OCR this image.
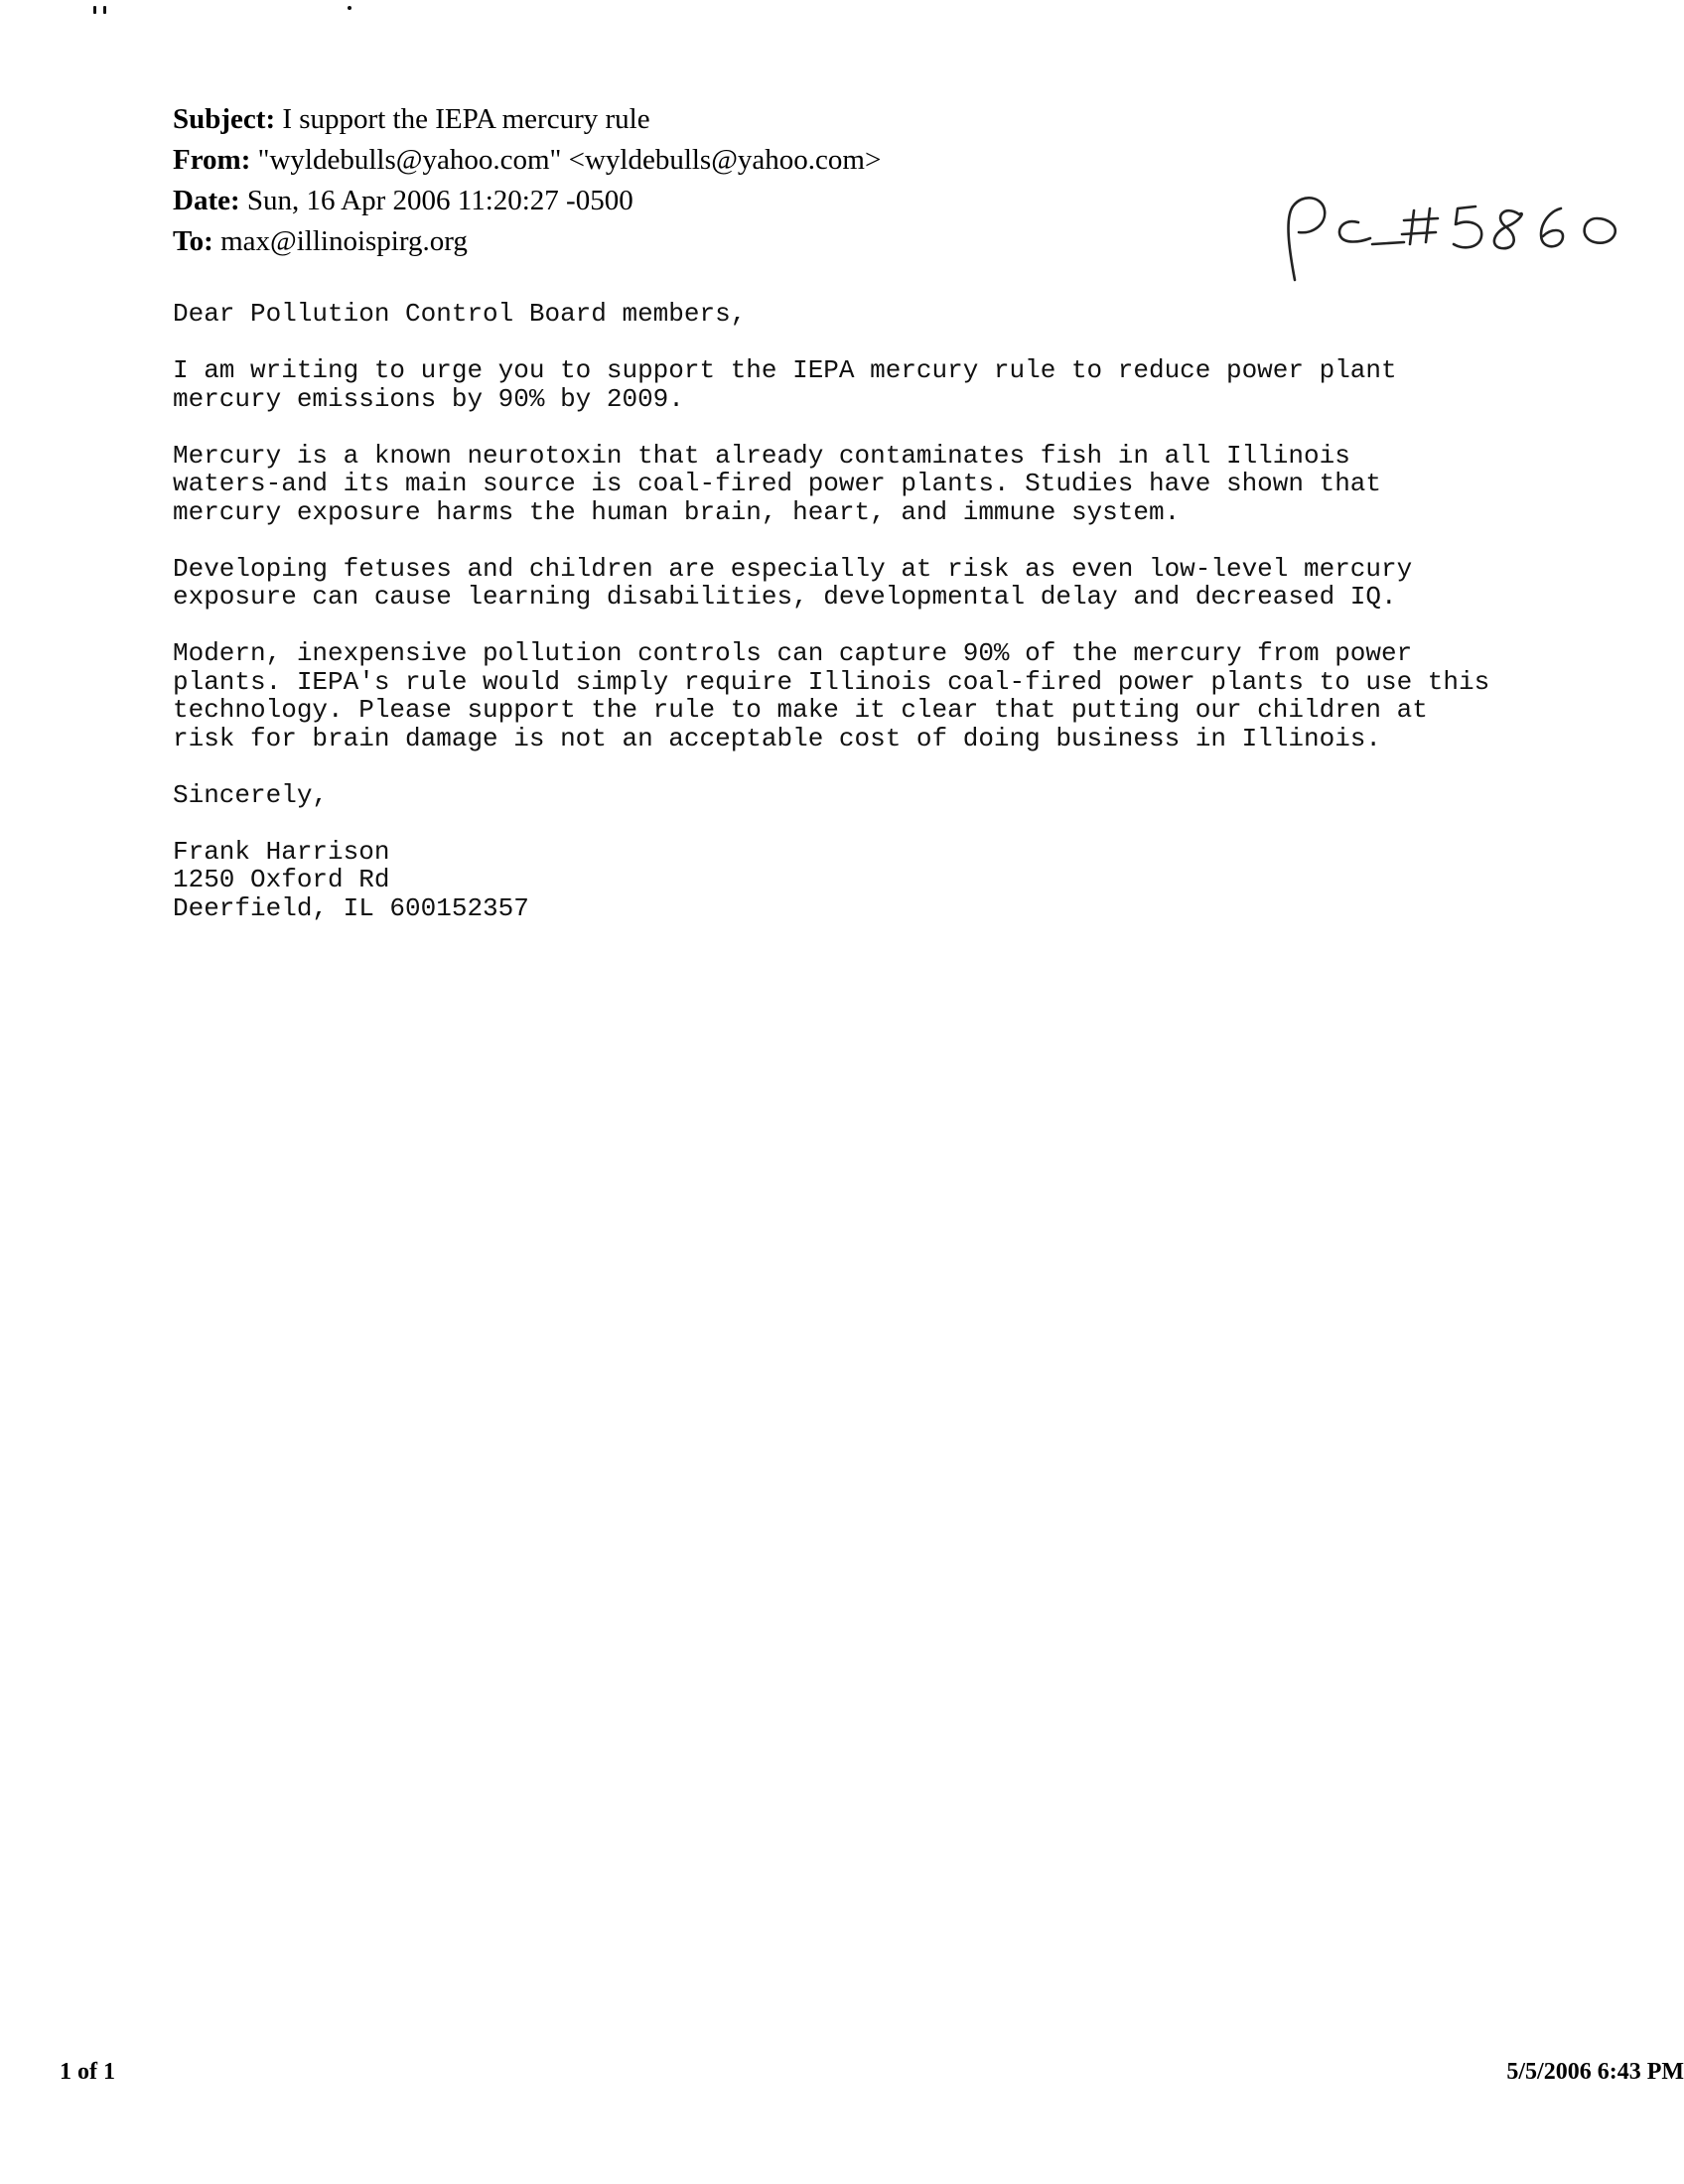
Subject: I support the IEPA mercury rule
From: "wyldebulls@yahoo.com" <wyldebulls@yahoo.com>
Date: Sun, 16 Apr 2006 11:20:27 -0500
To: max@illinoispirg.org

Dear Pollution Control Board members,

I am writing to urge you to support the IEPA mercury rule to reduce power plant
mercury emissions by 90% by 2009.

Mercury is a known neurotoxin that already contaminates fish in all Illinois
waters-and its main source is coal-fired power plants. Studies have shown that
mercury exposure harms the human brain, heart, and immune system.

Developing fetuses and children are especially at risk as even low-level mercury
exposure can cause learning disabilities, developmental delay and decreased IQ.

Modern, inexpensive pollution controls can capture 90% of the mercury from power
plants. IEPA's rule would simply require Illinois coal-fired power plants to use this
technology. Please support the rule to make it clear that putting our children at
risk for brain damage is not an acceptable cost of doing business in Illinois.

Sincerely,

Frank Harrison

1250 Oxford Rd

Deerfield, IL 600152357

1 of 1	5/5/2006 6:43 PM
